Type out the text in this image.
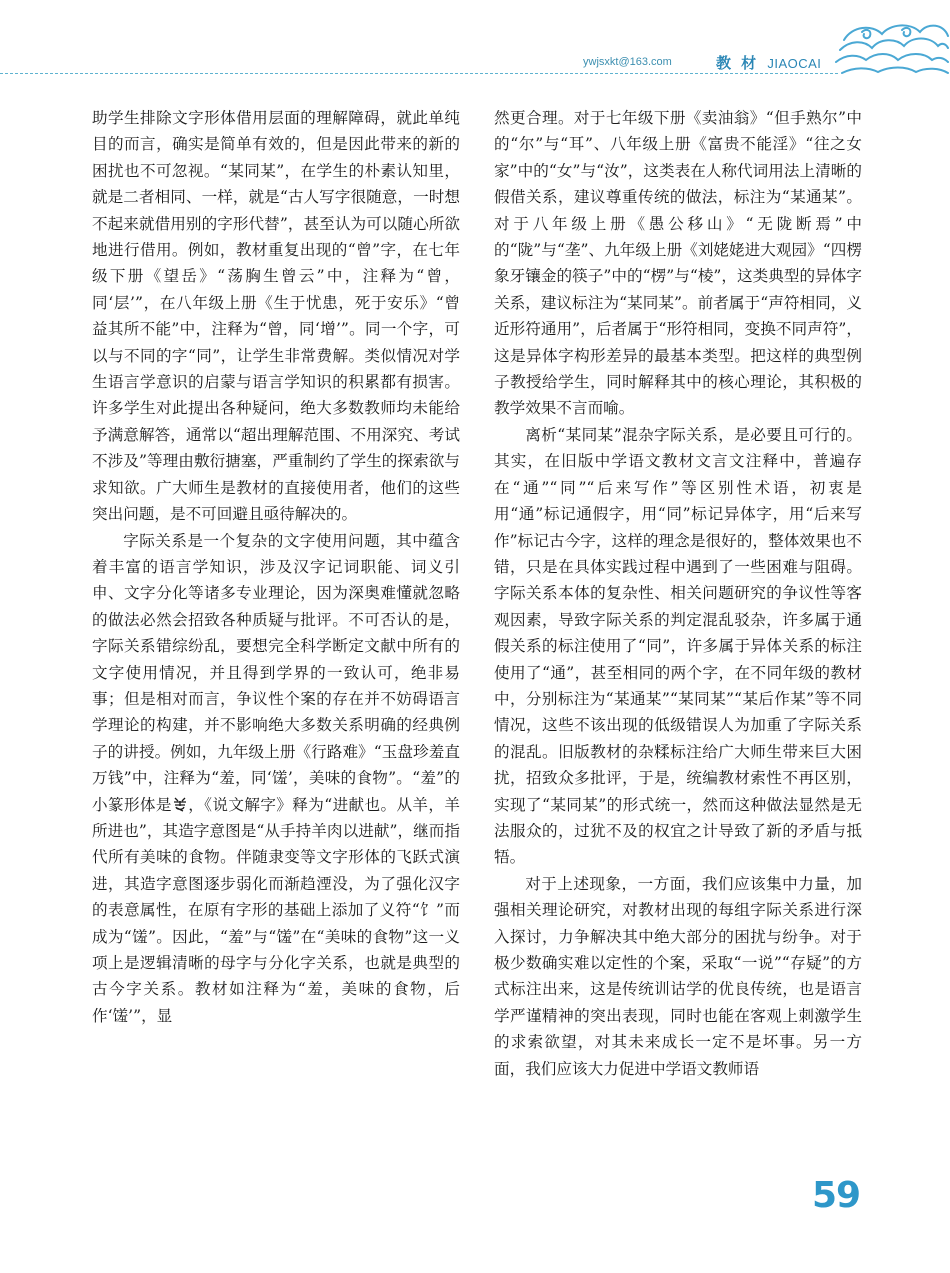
ywjsxkt@163.com	教 材 JIAOCAI

助学生排除文字形体借用层面的理解障碍，就此单纯目的而言，确实是简单有效的，但是因此带来的新的困扰也不可忽视。“某同某”，在学生的朴素认知里，就是二者相同、一样，就是“古人写字很随意，一时想不起来就借用别的字形代替”，甚至认为可以随心所欲地进行借用。例如，教材重复出现的“曾”字，在七年级下册《望岳》“荡胸生曾云”中，注释为“曾，同‘层’”，在八年级上册《生于忧患，死于安乐》“曾益其所不能”中，注释为“曾，同‘增’”。同一个字，可以与不同的字“同”，让学生非常费解。类似情况对学生语言学意识的启蒙与语言学知识的积累都有损害。许多学生对此提出各种疑问，绝大多数教师均未能给予满意解答，通常以“超出理解范围、不用深究、考试不涉及”等理由敷衍搪塞，严重制约了学生的探索欲与求知欲。广大师生是教材的直接使用者，他们的这些突出问题，是不可回避且亟待解决的。

字际关系是一个复杂的文字使用问题，其中蕴含着丰富的语言学知识，涉及汉字记词职能、词义引申、文字分化等诸多专业理论，因为深奥难懂就忽略的做法必然会招致各种质疑与批评。不可否认的是，字际关系错综纷乱，要想完全科学断定文献中所有的文字使用情况，并且得到学界的一致认可，绝非易事；但是相对而言，争议性个案的存在并不妨碍语言学理论的构建，并不影响绝大多数关系明确的经典例子的讲授。例如，九年级上册《行路难》“玉盘珍羞直万钱”中，注释为“羞，同‘馐’，美味的食物”。“羞”的小篆形体是 ，《说文解字》释为“进献也。从羊，羊所进也”，其造字意图是“从手持羊肉以进献”，继而指代所有美味的食物。伴随隶变等文字形体的飞跃式演进，其造字意图逐步弱化而渐趋湮没，为了强化汉字的表意属性，在原有字形的基础上添加了义符“饣”而成为“馐”。因此，“羞”与“馐”在“美味的食物”这一义项上是逻辑清晰的母字与分化字关系，也就是典型的古今字关系。教材如注释为“羞，美味的食物，后作‘馐’”，显

然更合理。对于七年级下册《卖油翁》“但手熟尔”中的“尔”与“耳”、八年级上册《富贵不能淫》“往之女家”中的“女”与“汝”，这类表在人称代词用法上清晰的假借关系，建议尊重传统的做法，标注为“某通某”。对于八年级上册《愚公移山》“无陇断焉”中的“陇”与“垄”、九年级上册《刘姥姥进大观园》“四楞象牙镶金的筷子”中的“楞”与“棱”，这类典型的异体字关系，建议标注为“某同某”。前者属于“声符相同，义近形符通用”，后者属于“形符相同，变换不同声符”，这是异体字构形差异的最基本类型。把这样的典型例子教授给学生，同时解释其中的核心理论，其积极的教学效果不言而喻。

离析“某同某”混杂字际关系，是必要且可行的。其实，在旧版中学语文教材文言文注释中，普遍存在“通”“同”“后来写作”等区别性术语，初衷是用“通”标记通假字，用“同”标记异体字，用“后来写作”标记古今字，这样的理念是很好的，整体效果也不错，只是在具体实践过程中遇到了一些困难与阻碍。字际关系本体的复杂性、相关问题研究的争议性等客观因素，导致字际关系的判定混乱驳杂，许多属于通假关系的标注使用了“同”，许多属于异体关系的标注使用了“通”，甚至相同的两个字，在不同年级的教材中，分别标注为“某通某”“某同某”“某后作某”等不同情况，这些不该出现的低级错误人为加重了字际关系的混乱。旧版教材的杂糅标注给广大师生带来巨大困扰，招致众多批评，于是，统编教材索性不再区别，实现了“某同某”的形式统一，然而这种做法显然是无法服众的，过犹不及的权宜之计导致了新的矛盾与抵牾。

对于上述现象，一方面，我们应该集中力量，加强相关理论研究，对教材出现的每组字际关系进行深入探讨，力争解决其中绝大部分的困扰与纷争。对于极少数确实难以定性的个案，采取“一说”“存疑”的方式标注出来，这是传统训诂学的优良传统，也是语言学严谨精神的突出表现，同时也能在客观上刺激学生的求索欲望，对其未来成长一定不是坏事。另一方面，我们应该大力促进中学语文教师语

59
